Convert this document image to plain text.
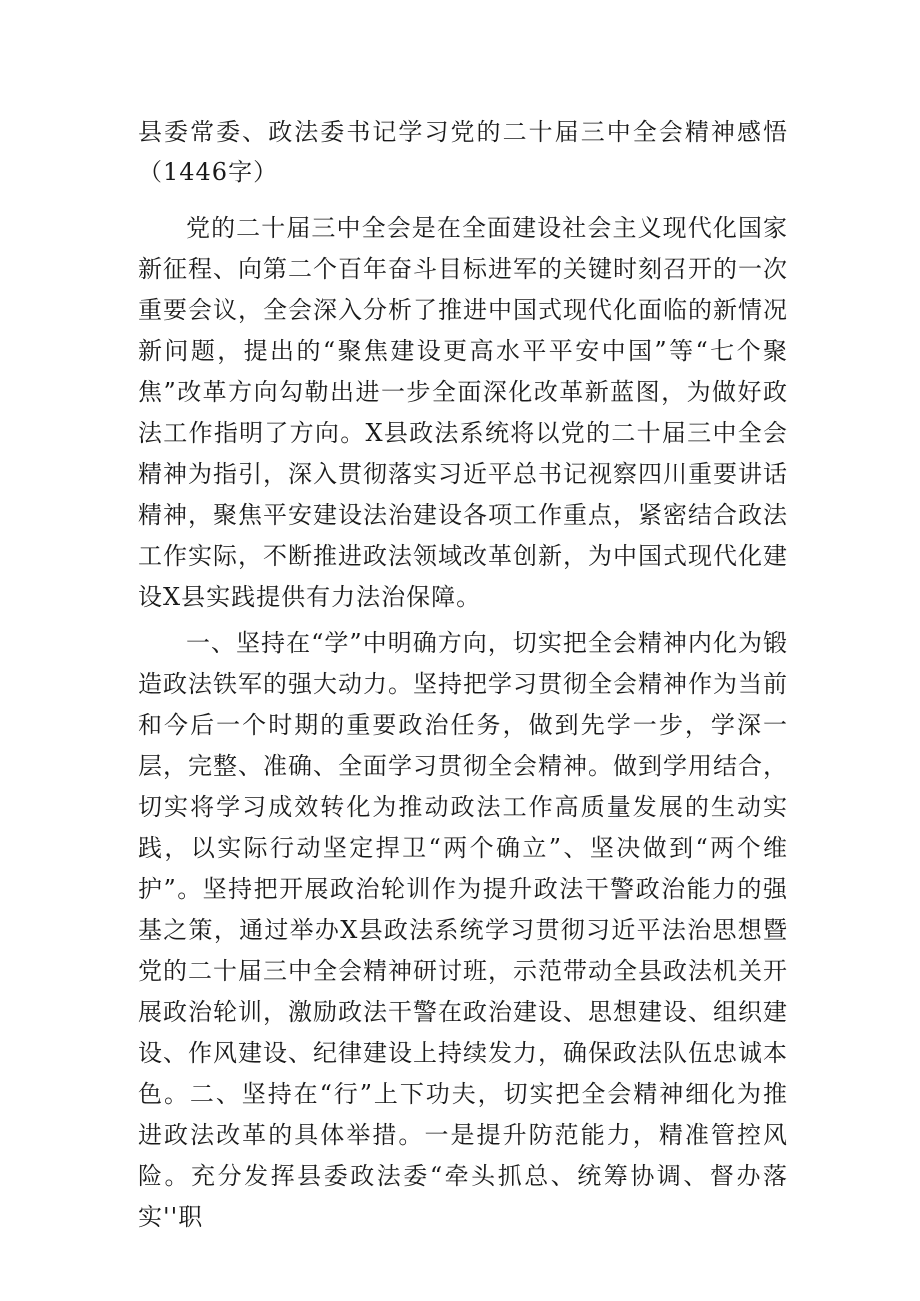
县委常委、政法委书记学习党的二十届三中全会精神感悟（1446字）

党的二十届三中全会是在全面建设社会主义现代化国家新征程、向第二个百年奋斗目标进军的关键时刻召开的一次重要会议，全会深入分析了推进中国式现代化面临的新情况新问题，提出的“聚焦建设更高水平平安中国”等“七个聚焦”改革方向勾勒出进一步全面深化改革新蓝图，为做好政法工作指明了方向。X县政法系统将以党的二十届三中全会精神为指引，深入贯彻落实习近平总书记视察四川重要讲话精神，聚焦平安建设法治建设各项工作重点，紧密结合政法工作实际，不断推进政法领域改革创新，为中国式现代化建设X县实践提供有力法治保障。

一、坚持在“学”中明确方向，切实把全会精神内化为锻造政法铁军的强大动力。坚持把学习贯彻全会精神作为当前和今后一个时期的重要政治任务，做到先学一步，学深一层，完整、准确、全面学习贯彻全会精神。做到学用结合，切实将学习成效转化为推动政法工作高质量发展的生动实践，以实际行动坚定捍卫“两个确立”、坚决做到“两个维护”。坚持把开展政治轮训作为提升政法干警政治能力的强基之策，通过举办X县政法系统学习贯彻习近平法治思想暨党的二十届三中全会精神研讨班，示范带动全县政法机关开展政治轮训，激励政法干警在政治建设、思想建设、组织建设、作风建设、纪律建设上持续发力，确保政法队伍忠诚本色。二、坚持在“行”上下功夫，切实把全会精神细化为推进政法改革的具体举措。一是提升防范能力，精准管控风险。充分发挥县委政法委“牵头抓总、统筹协调、督办落实''职
